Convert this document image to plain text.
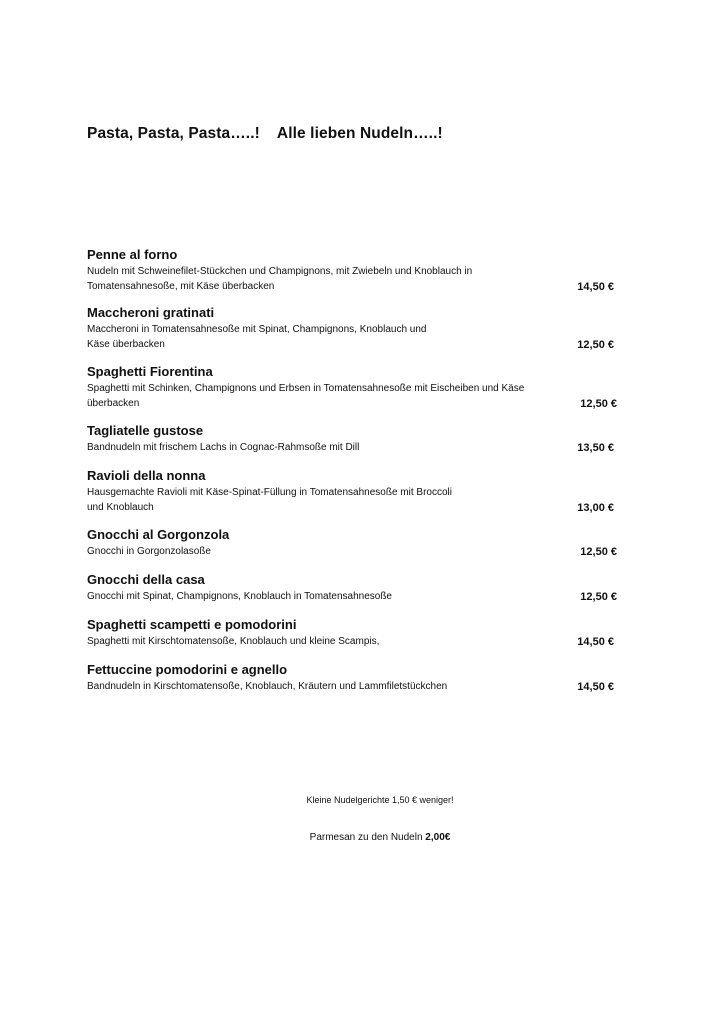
Pasta, Pasta, Pasta…..!    Alle lieben Nudeln…..!

Penne al forno

Nudeln mit Schweinefilet-Stückchen und Champignons, mit Zwiebeln und Knoblauch in Tomatensahnesoße, mit Käse überbacken	14,50 €

Maccheroni gratinati

Maccheroni in Tomatensahnesoße mit Spinat, Champignons, Knoblauch und Käse überbacken	12,50 €

Spaghetti Fiorentina

Spaghetti mit Schinken, Champignons und Erbsen in Tomatensahnesoße mit Eischeiben und Käse überbacken	12,50 €

Tagliatelle gustose

Bandnudeln mit frischem Lachs in Cognac-Rahmsoße mit Dill	13,50 €

Ravioli della nonna

Hausgemachte Ravioli mit Käse-Spinat-Füllung in Tomatensahnesoße mit Broccoli und Knoblauch	13,00 €

Gnocchi al Gorgonzola

Gnocchi in Gorgonzolasoße	12,50 €

Gnocchi della casa

Gnocchi mit Spinat, Champignons, Knoblauch in Tomatensahnesoße	12,50 €

Spaghetti scampetti e pomodorini

Spaghetti mit Kirschtomatensoße, Knoblauch und kleine Scampis,	14,50 €

Fettuccine pomodorini e agnello

Bandnudeln in Kirschtomatensoße, Knoblauch, Kräutern und Lammfiletstückchen	14,50 €
Kleine Nudelgerichte 1,50 € weniger!
Parmesan zu den Nudeln 2,00€
